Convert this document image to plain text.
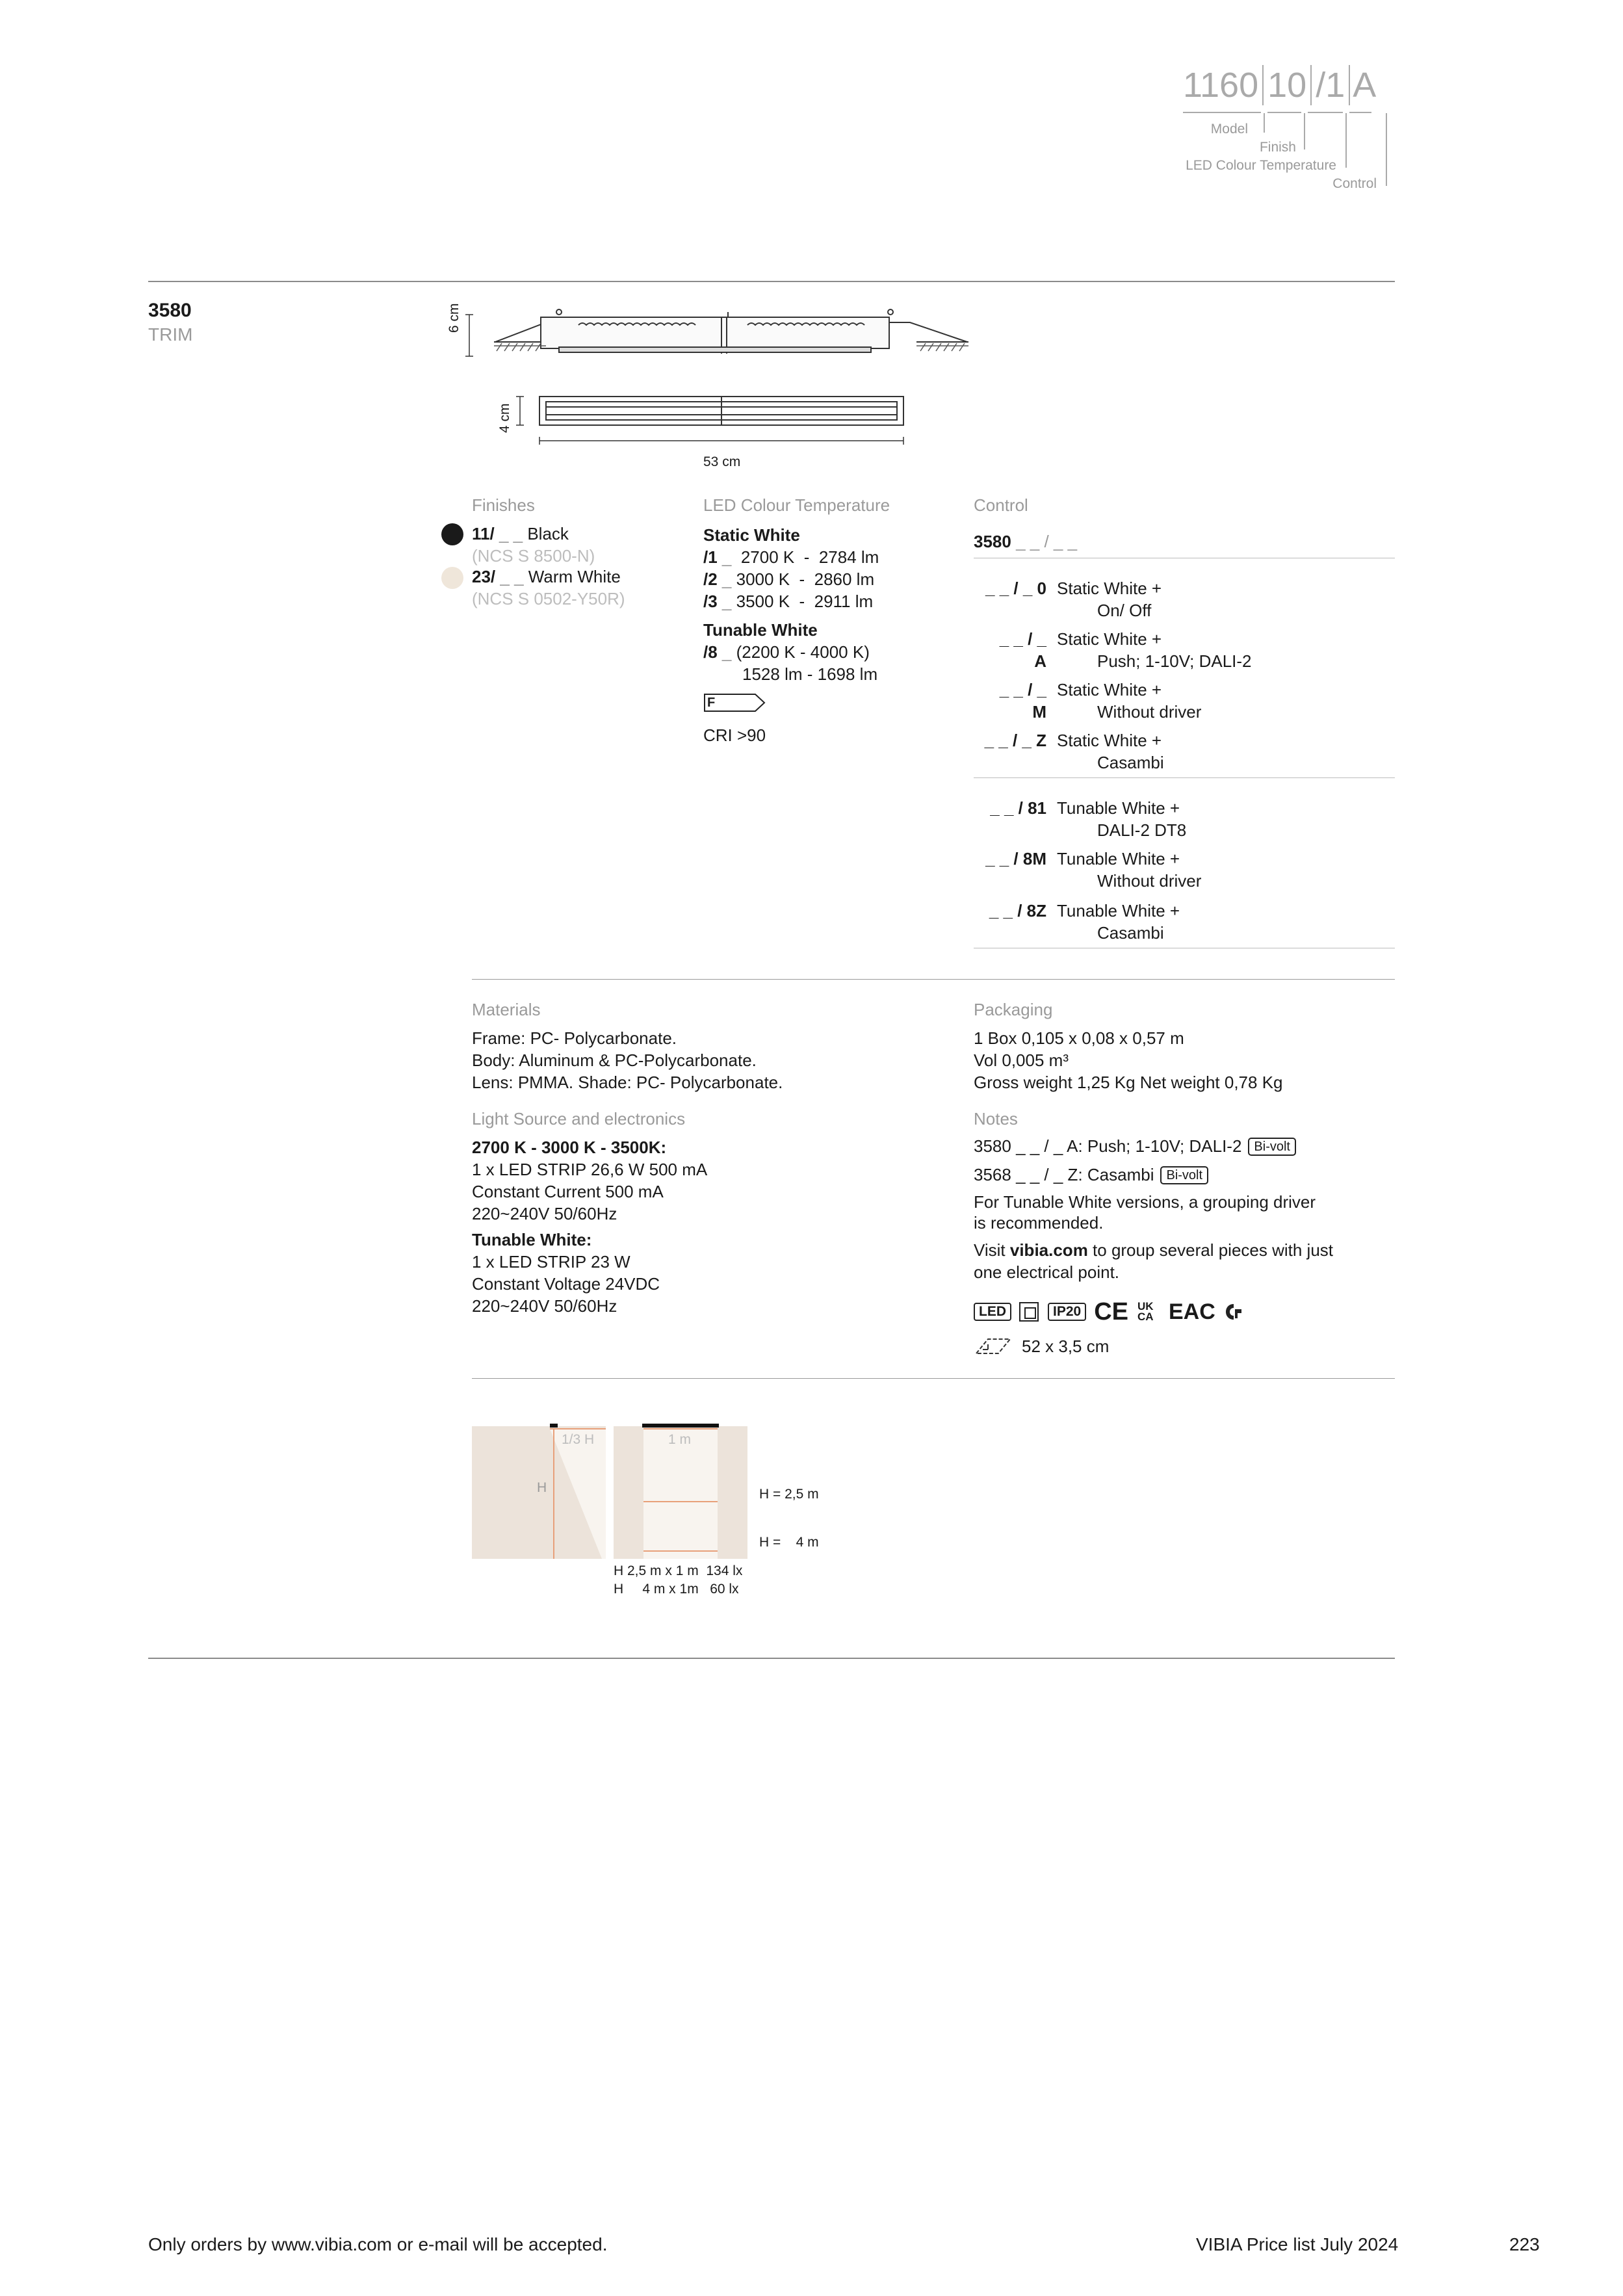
1160 10 /1 A
Model
Finish
LED Colour Temperature
Control
3580
TRIM
6 cm
4 cm
53 cm
Finishes
11/ _ _ Black
(NCS S 8500-N)
23/ _ _ Warm White
(NCS S 0502-Y50R)
LED Colour Temperature
Static White
/1 _ 2700 K - 2784 lm
/2 _ 3000 K - 2860 lm
/3 _ 3500 K - 2911 lm
Tunable White
/8 _ (2200 K - 4000 K)
1528 lm - 1698 lm
F
CRI >90
Control
3580 _ _ / _ _
_ _ / _ 0 Static White +
On/ Off
_ _ / _ A
Static White +
Push; 1-10V; DALI-2
_ _ / _ M
Static White +
Without driver
_ _ / _ Z Static White +
Casambi
_ _ / 81 Tunable White +
DALI-2 DT8
_ _ / 8M Tunable White +
Without driver
_ _ / 8Z Tunable White +
Casambi
Materials
Frame: PC- Polycarbonate.
Body: Aluminum & PC-Polycarbonate.
Lens: PMMA. Shade: PC- Polycarbonate.
Light Source and electronics
2700 K - 3000 K - 3500K:
1 x LED STRIP 26,6 W 500 mA
Constant Current 500 mA
220~240V 50/60Hz
Tunable White:
1 x LED STRIP 23 W
Constant Voltage 24VDC
220~240V 50/60Hz
Packaging
1 Box 0,105 x 0,08 x 0,57 m
Vol 0,005 m³
Gross weight 1,25 Kg Net weight 0,78 Kg
Notes
3580 _ _ / _ A: Push; 1-10V; DALI-2 Bi-volt
3568 _ _ / _ Z: Casambi Bi-volt
For Tunable White versions, a grouping driver
is recommended.
Visit vibia.com to group several pieces with just
one electrical point.
LED	IP20 CE UK CA EAC
52 x 3,5 cm
1/3 H
H
1 m
H = 2,5 m
H =    4 m
H 2,5 m x 1 m  134 lx
H     4 m x 1m   60 lx
Only orders by www.vibia.com or e-mail will be accepted.	VIBIA Price list July 2024	223
